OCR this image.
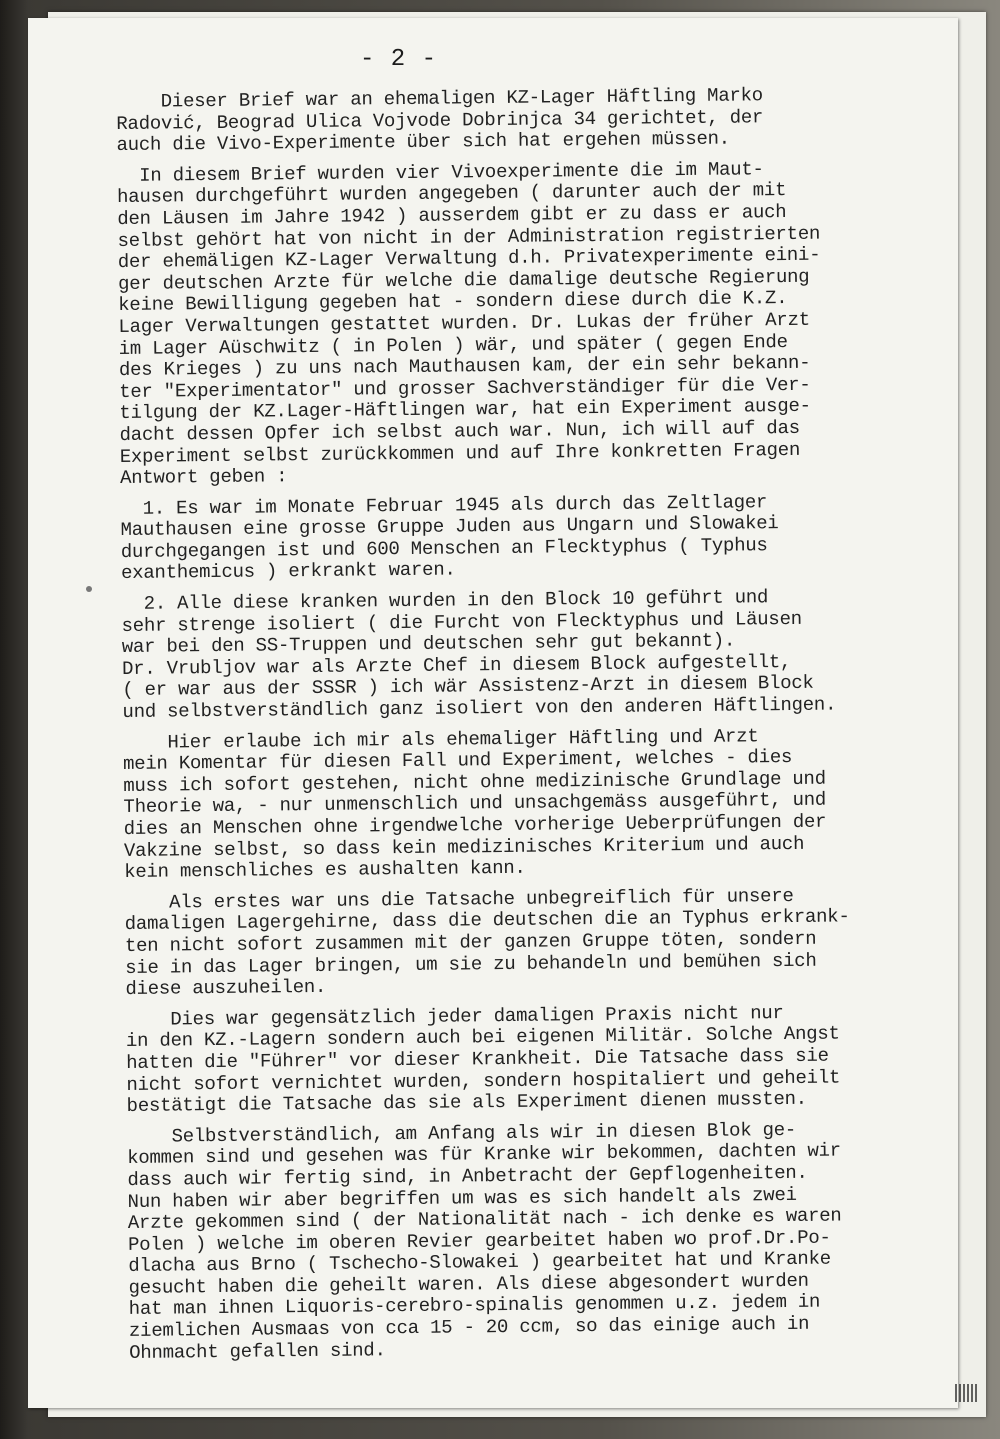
- 2 -
Dieser Brief war an ehemaligen KZ-Lager Häftling Marko
Radović, Beograd Ulica Vojvode Dobrinjca 34 gerichtet, der
auch die Vivo-Experimente über sich hat ergehen müssen.
In diesem Brief wurden vier Vivoexperimente die im Maut-
hausen durchgeführt wurden angegeben ( darunter auch der mit
den Läusen im Jahre 1942 ) ausserdem gibt er zu dass er auch
selbst gehört hat von nicht in der Administration registrierten
der ehemäligen KZ-Lager Verwaltung d.h. Privatexperimente eini-
ger deutschen Arzte für welche die damalige deutsche Regierung
keine Bewilligung gegeben hat - sondern diese durch die K.Z.
Lager Verwaltungen gestattet wurden. Dr. Lukas der früher Arzt
im Lager Aüschwitz ( in Polen ) wär, und später ( gegen Ende
des Krieges ) zu uns nach Mauthausen kam, der ein sehr bekann-
ter "Experimentator" und grosser Sachverständiger für die Ver-
tilgung der KZ.Lager-Häftlingen war, hat ein Experiment ausge-
dacht dessen Opfer ich selbst auch war. Nun, ich will auf das
Experiment selbst zurückkommen und auf Ihre konkretten Fragen
Antwort geben :
1. Es war im Monate Februar 1945 als durch das Zeltlager
Mauthausen eine grosse Gruppe Juden aus Ungarn und Slowakei
durchgegangen ist und 600 Menschen an Flecktyphus ( Typhus
exanthemicus ) erkrankt waren.
2. Alle diese kranken wurden in den Block 10 geführt und
sehr strenge isoliert ( die Furcht von Flecktyphus und Läusen
war bei den SS-Truppen und deutschen sehr gut bekannt).
Dr. Vrubljov war als Arzte Chef in diesem Block aufgestellt,
( er war aus der SSSR ) ich wär Assistenz-Arzt in diesem Block
und selbstverständlich ganz isoliert von den anderen Häftlingen.
Hier erlaube ich mir als ehemaliger Häftling und Arzt
mein Komentar für diesen Fall und Experiment, welches - dies
muss ich sofort gestehen, nicht ohne medizinische Grundlage und
Theorie wa, - nur unmenschlich und unsachgemäss ausgeführt, und
dies an Menschen ohne irgendwelche vorherige Ueberprüfungen der
Vakzine selbst, so dass kein medizinisches Kriterium und auch
kein menschliches es aushalten kann.
Als erstes war uns die Tatsache unbegreiflich für unsere
damaligen Lagergehirne, dass die deutschen die an Typhus erkrank-
ten nicht sofort zusammen mit der ganzen Gruppe töten, sondern
sie in das Lager bringen, um sie zu behandeln und bemühen sich
diese auszuheilen.
Dies war gegensätzlich jeder damaligen Praxis nicht nur
in den KZ.-Lagern sondern auch bei eigenen Militär. Solche Angst
hatten die "Führer" vor dieser Krankheit. Die Tatsache dass sie
nicht sofort vernichtet wurden, sondern hospitaliert und geheilt
bestätigt die Tatsache das sie als Experiment dienen mussten.
Selbstverständlich, am Anfang als wir in diesen Blok ge-
kommen sind und gesehen was für Kranke wir bekommen, dachten wir
dass auch wir fertig sind, in Anbetracht der Gepflogenheiten.
Nun haben wir aber begriffen um was es sich handelt als zwei
Arzte gekommen sind ( der Nationalität nach - ich denke es waren
Polen ) welche im oberen Revier gearbeitet haben wo prof.Dr.Po-
dlacha aus Brno ( Tschecho-Slowakei ) gearbeitet hat und Kranke
gesucht haben die geheilt waren. Als diese abgesondert wurden
hat man ihnen Liquoris-cerebro-spinalis genommen u.z. jedem in
ziemlichen Ausmaas von cca 15 - 20 ccm, so das einige auch in
Ohnmacht gefallen sind.
